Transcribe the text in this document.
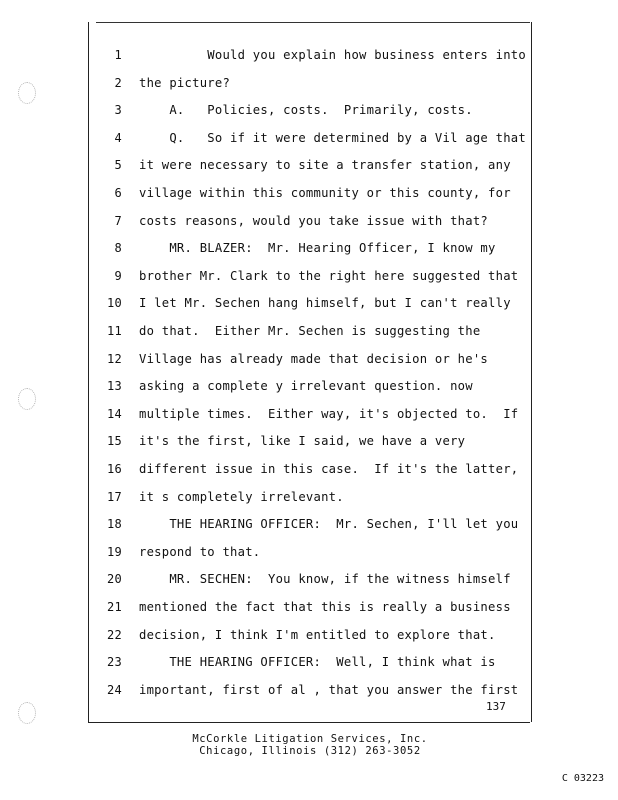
1 Would you explain how business enters into
2 the picture?
3 A.   Policies, costs.  Primarily, costs.
4 Q.   So if it were determined by a Vil age that
5 it were necessary to site a transfer station, any
6 village within this community or this county, for
7 costs reasons, would you take issue with that?
8 MR. BLAZER:  Mr. Hearing Officer, I know my
9 brother Mr. Clark to the right here suggested that
10 I let Mr. Sechen hang himself, but I can't really
11 do that.  Either Mr. Sechen is suggesting the
12 Village has already made that decision or he's
13 asking a complete y irrelevant question. now
14 multiple times.  Either way, it's objected to.  If
15 it's the first, like I said, we have a very
16 different issue in this case.  If it's the latter,
17 it s completely irrelevant.
18 THE HEARING OFFICER:  Mr. Sechen, I'll let you
19 respond to that.
20 MR. SECHEN:  You know, if the witness himself
21 mentioned the fact that this is really a business
22 decision, I think I'm entitled to explore that.
23 THE HEARING OFFICER:  Well, I think what is
24 important, first of al , that you answer the first
137
McCorkle Litigation Services, Inc.
Chicago, Illinois (312) 263-3052
C 03223
